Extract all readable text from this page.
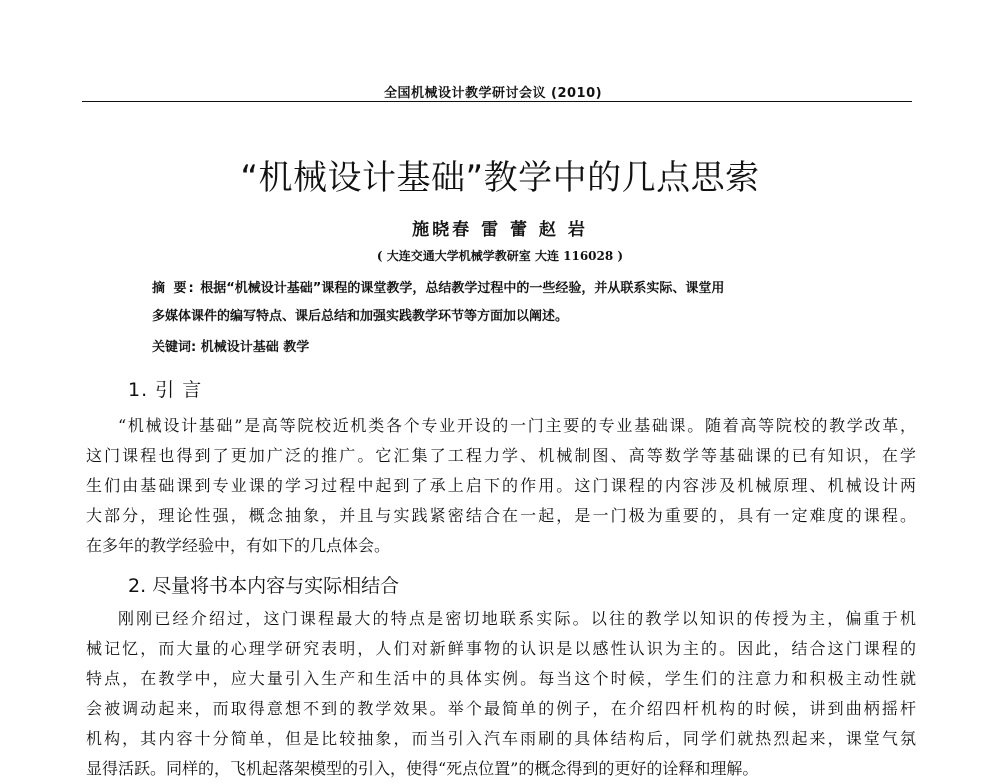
全国机械设计教学研讨会议 (2010)
“机械设计基础”教学中的几点思索
施晓春 雷 蕾 赵 岩
( 大连交通大学机械学教研室 大连 116028 )

摘 要: 根据“机械设计基础”课程的课堂教学，总结教学过程中的一些经验，并从联系实际、课堂用

多媒体课件的编写特点、课后总结和加强实践教学环节等方面加以阐述。

关键词: 机械设计基础 教学
1. 引 言
“机械设计基础”是高等院校近机类各个专业开设的一门主要的专业基础课。随着高等院校的教学改革，
这门课程也得到了更加广泛的推广。它汇集了工程力学、机械制图、高等数学等基础课的已有知识，在学
生们由基础课到专业课的学习过程中起到了承上启下的作用。这门课程的内容涉及机械原理、机械设计两
大部分，理论性强，概念抽象，并且与实践紧密结合在一起，是一门极为重要的，具有一定难度的课程。
在多年的教学经验中，有如下的几点体会。
2. 尽量将书本内容与实际相结合
刚刚已经介绍过，这门课程最大的特点是密切地联系实际。以往的教学以知识的传授为主，偏重于机
械记忆，而大量的心理学研究表明，人们对新鲜事物的认识是以感性认识为主的。因此，结合这门课程的
特点，在教学中，应大量引入生产和生活中的具体实例。每当这个时候，学生们的注意力和积极主动性就
会被调动起来，而取得意想不到的教学效果。举个最简单的例子，在介绍四杆机构的时候，讲到曲柄摇杆
机构，其内容十分简单，但是比较抽象，而当引入汽车雨刷的具体结构后，同学们就热烈起来，课堂气氛
显得活跃。同样的，飞机起落架模型的引入，使得“死点位置”的概念得到的更好的诠释和理解。
